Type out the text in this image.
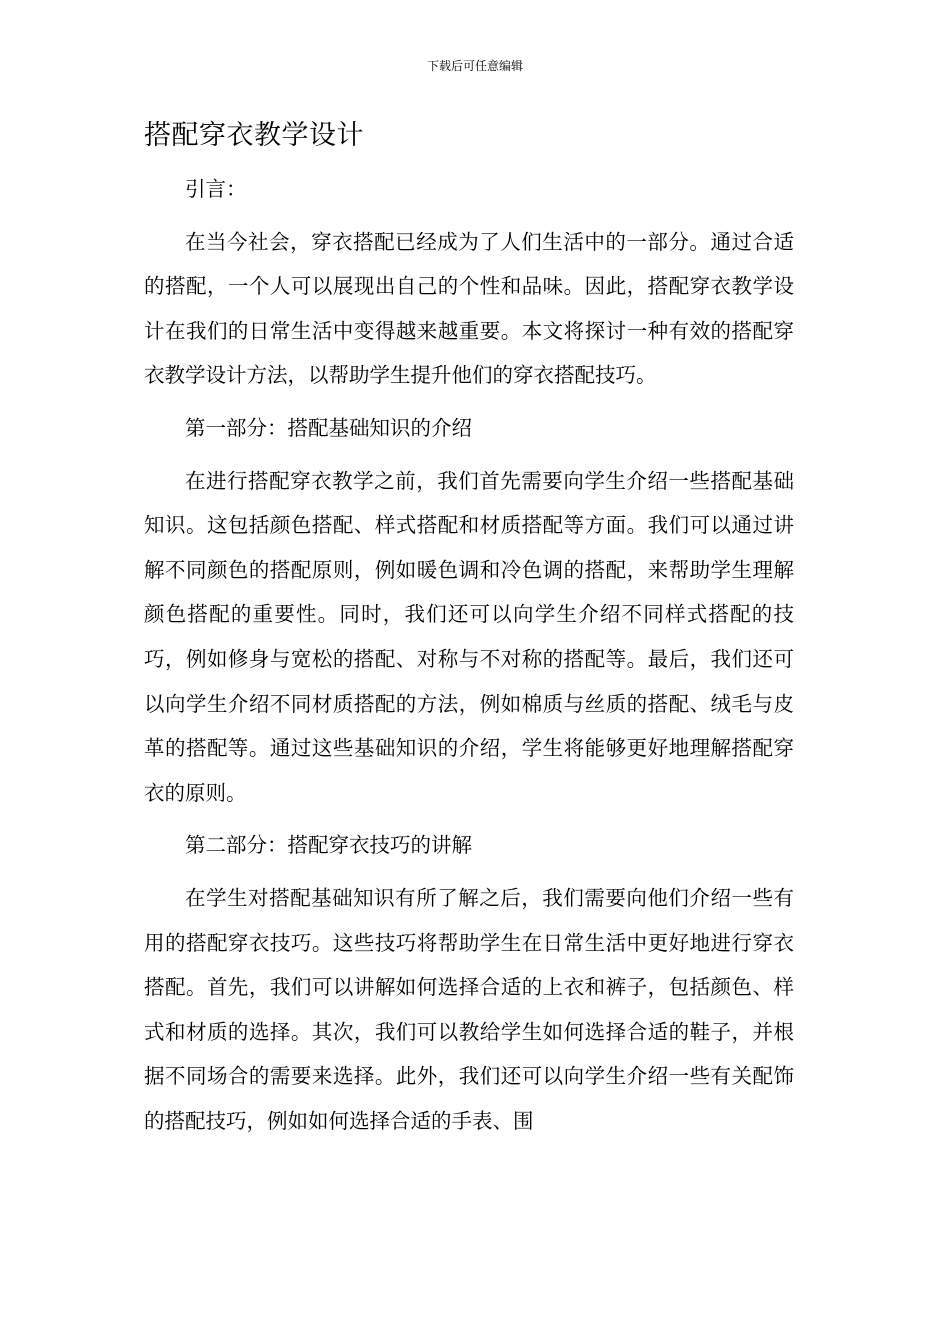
下载后可任意编辑
搭配穿衣教学设计

引言：

在当今社会，穿衣搭配已经成为了人们生活中的一部分。通过合适的搭配，一个人可以展现出自己的个性和品味。因此，搭配穿衣教学设计在我们的日常生活中变得越来越重要。本文将探讨一种有效的搭配穿衣教学设计方法，以帮助学生提升他们的穿衣搭配技巧。

第一部分：搭配基础知识的介绍

在进行搭配穿衣教学之前，我们首先需要向学生介绍一些搭配基础知识。这包括颜色搭配、样式搭配和材质搭配等方面。我们可以通过讲解不同颜色的搭配原则，例如暖色调和冷色调的搭配，来帮助学生理解颜色搭配的重要性。同时，我们还可以向学生介绍不同样式搭配的技巧，例如修身与宽松的搭配、对称与不对称的搭配等。最后，我们还可以向学生介绍不同材质搭配的方法，例如棉质与丝质的搭配、绒毛与皮革的搭配等。通过这些基础知识的介绍，学生将能够更好地理解搭配穿衣的原则。

第二部分：搭配穿衣技巧的讲解

在学生对搭配基础知识有所了解之后，我们需要向他们介绍一些有用的搭配穿衣技巧。这些技巧将帮助学生在日常生活中更好地进行穿衣搭配。首先，我们可以讲解如何选择合适的上衣和裤子，包括颜色、样式和材质的选择。其次，我们可以教给学生如何选择合适的鞋子，并根据不同场合的需要来选择。此外，我们还可以向学生介绍一些有关配饰的搭配技巧，例如如何选择合适的手表、围
